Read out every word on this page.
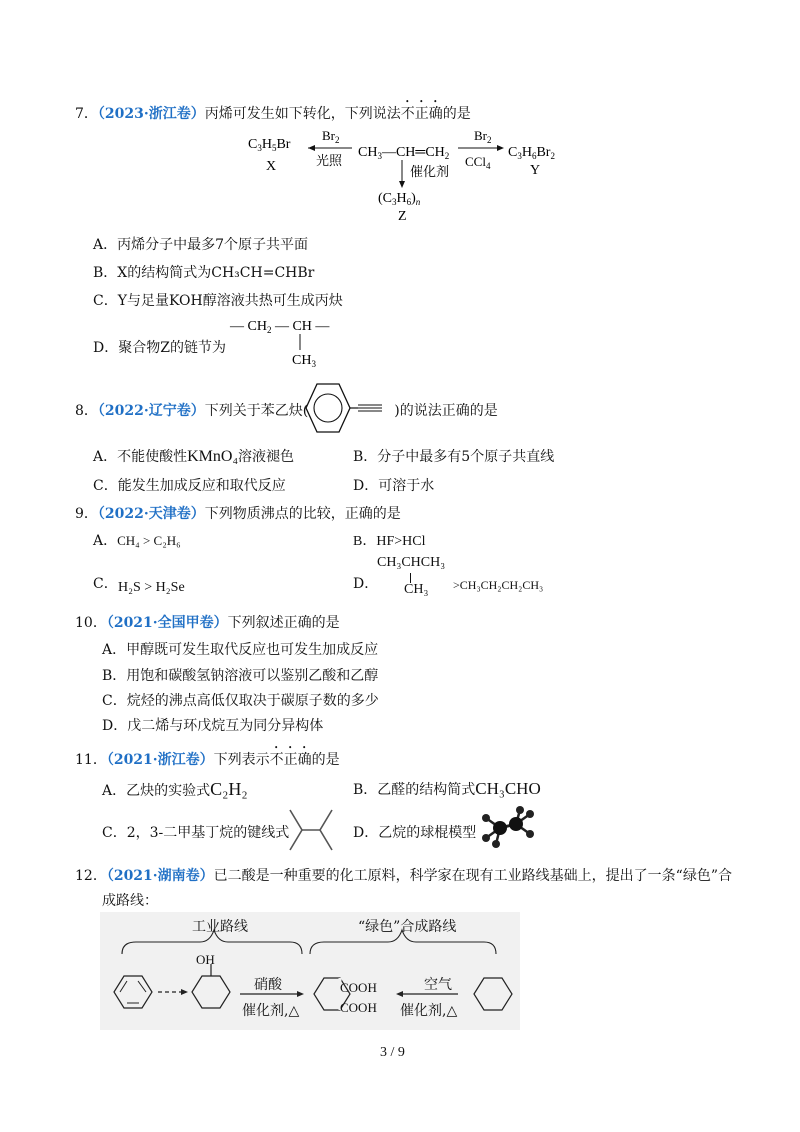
7．（2023·浙江卷）丙烯可发生如下转化，下列说法不正确的是
$C_3H_5Br$
X
$Br_2$
光照
$CH_3—CH═CH_2$
$Br_2$
CCl$_4$
$C_3H_6Br_2$
Y
催化剂
$(C_3H_6)_n$
Z
A．丙烯分子中最多7个原子共平面
B．X的结构简式为CH₃CH=CHBr
C．Y与足量KOH醇溶液共热可生成丙炔
D．聚合物Z的链节为
— $CH_2$ — CH —
$CH_3$
8．（2022·辽宁卷）下列关于苯乙炔(	)的说法正确的是
A．不能使酸性KMnO₄溶液褪色	B．分子中最多有5个原子共直线
C．能发生加成反应和取代反应	D．可溶于水
9．（2022·天津卷）下列物质沸点的比较，正确的是
A．CH₄ > C₂H₆	B．HF>HCl
C． H₂S > H₂Se	D．
CH₃CHCH₃
CH₃ >CH₃CH₂CH₂CH₃
10．（2021·全国甲卷）下列叙述正确的是
A．甲醇既可发生取代反应也可发生加成反应
B．用饱和碳酸氢钠溶液可以鉴别乙酸和乙醇
C．烷烃的沸点高低仅取决于碳原子数的多少
D．戊二烯与环戊烷互为同分异构体
11．（2021·浙江卷）下列表示不正确的是
A．乙炔的实验式C₂H₂	B．乙醛的结构简式CH₃CHO
C．2，3-二甲基丁烷的键线式	D．乙烷的球棍模型
12．（2021·湖南卷）已二酸是一种重要的化工原料，科学家在现有工业路线基础上，提出了一条“绿色”合
成路线：
工业路线	“绿色”合成路线
OH
硝酸
催化剂,△
COOH
COOH
空气
催化剂,△
3 / 9
